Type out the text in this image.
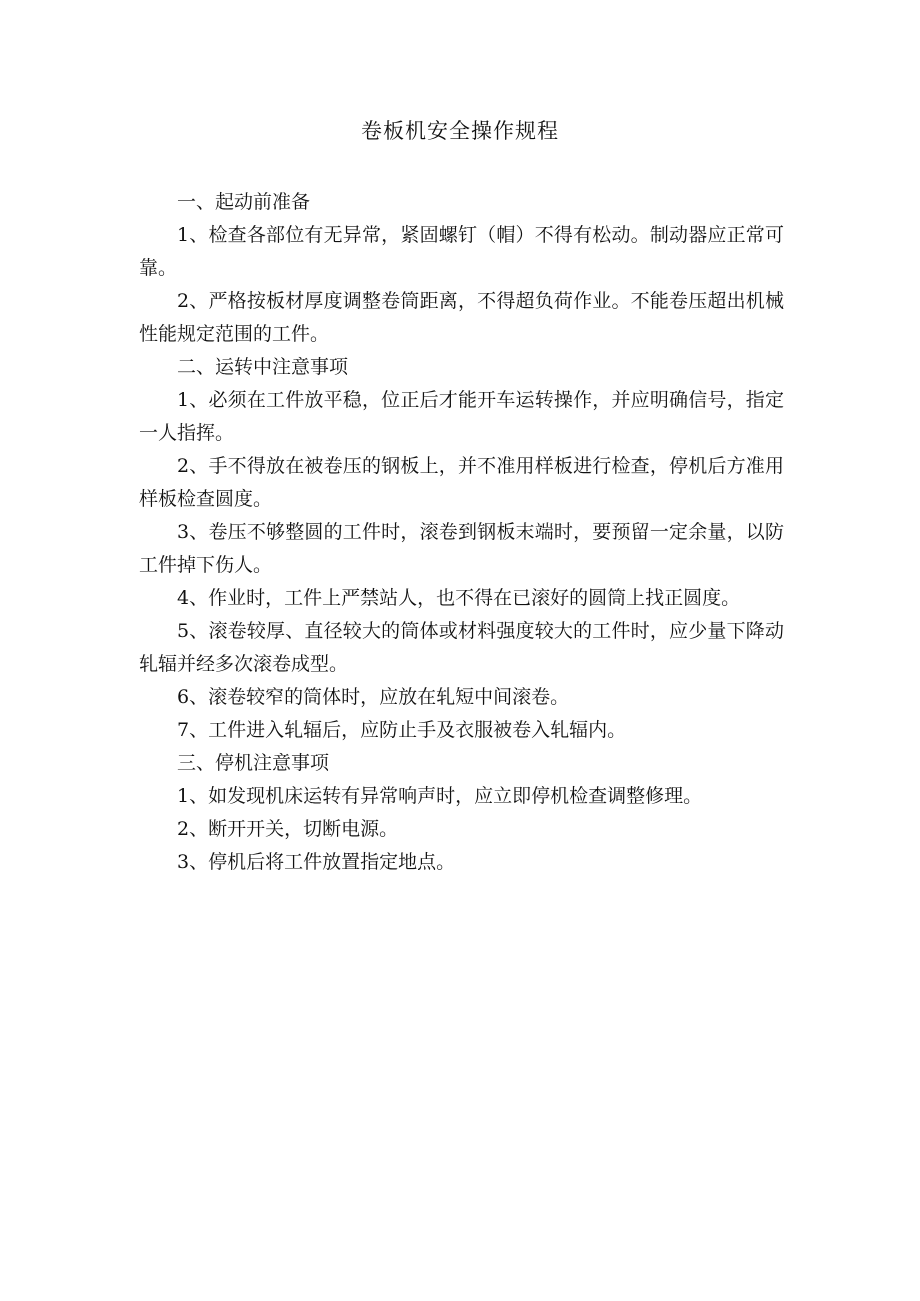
卷板机安全操作规程

一、起动前准备

1、检查各部位有无异常，紧固螺钉（帽）不得有松动。制动器应正常可靠。

2、严格按板材厚度调整卷筒距离，不得超负荷作业。不能卷压超出机械性能规定范围的工件。

二、运转中注意事项

1、必须在工件放平稳，位正后才能开车运转操作，并应明确信号，指定一人指挥。

2、手不得放在被卷压的钢板上，并不准用样板进行检查，停机后方准用样板检查圆度。

3、卷压不够整圆的工件时，滚卷到钢板末端时，要预留一定余量，以防工件掉下伤人。

4、作业时，工件上严禁站人，也不得在已滚好的圆筒上找正圆度。

5、滚卷较厚、直径较大的筒体或材料强度较大的工件时，应少量下降动轧辐并经多次滚卷成型。

6、滚卷较窄的筒体时，应放在轧短中间滚卷。

7、工件进入轧辐后，应防止手及衣服被卷入轧辐内。

三、停机注意事项

1、如发现机床运转有异常响声时，应立即停机检查调整修理。

2、断开开关，切断电源。

3、停机后将工件放置指定地点。
